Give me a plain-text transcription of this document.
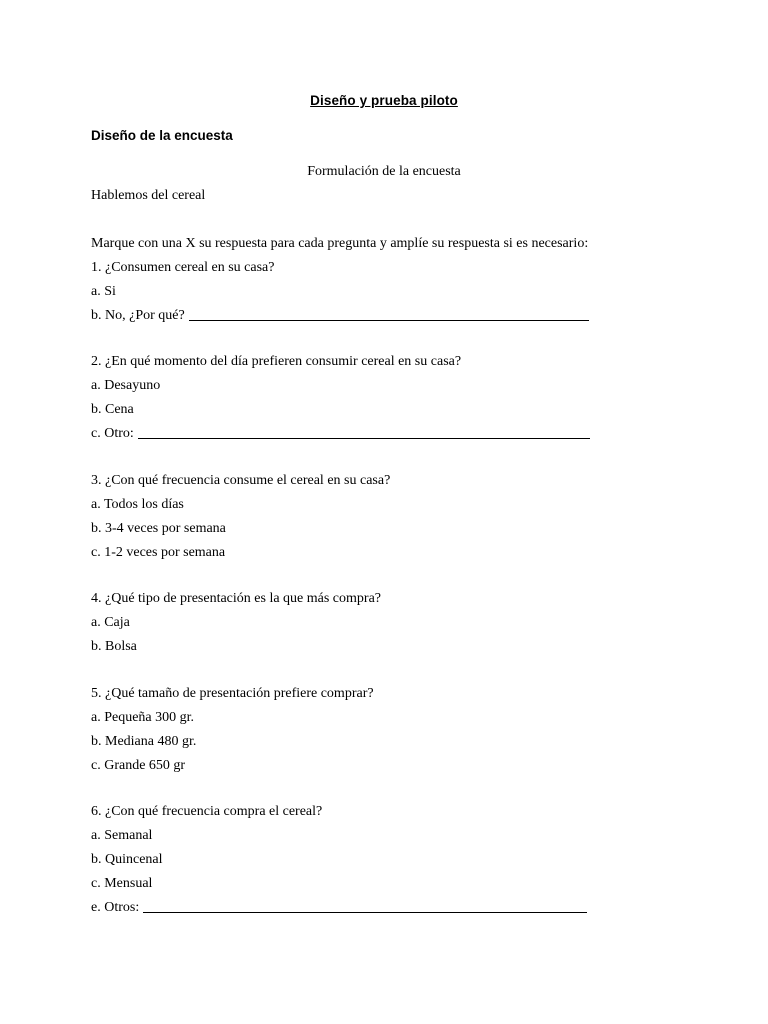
Diseño y prueba piloto
Diseño de la encuesta
Formulación de la encuesta
Hablemos del cereal
Marque con una X su respuesta para cada pregunta y amplíe su respuesta si es necesario:
1. ¿Consumen cereal en su casa?
a. Si
b. No, ¿Por qué?
2. ¿En qué momento del día prefieren consumir cereal en su casa?
a. Desayuno
b. Cena
c. Otro:
3. ¿Con qué frecuencia consume el cereal en su casa?
a. Todos los días
b. 3-4 veces por semana
c. 1-2 veces por semana
4. ¿Qué tipo de presentación es la que más compra?
a. Caja
b. Bolsa
5. ¿Qué tamaño de presentación prefiere comprar?
a. Pequeña 300 gr.
b. Mediana 480 gr.
c. Grande 650 gr
6. ¿Con qué frecuencia compra el cereal?
a. Semanal
b. Quincenal
c. Mensual
e. Otros:
